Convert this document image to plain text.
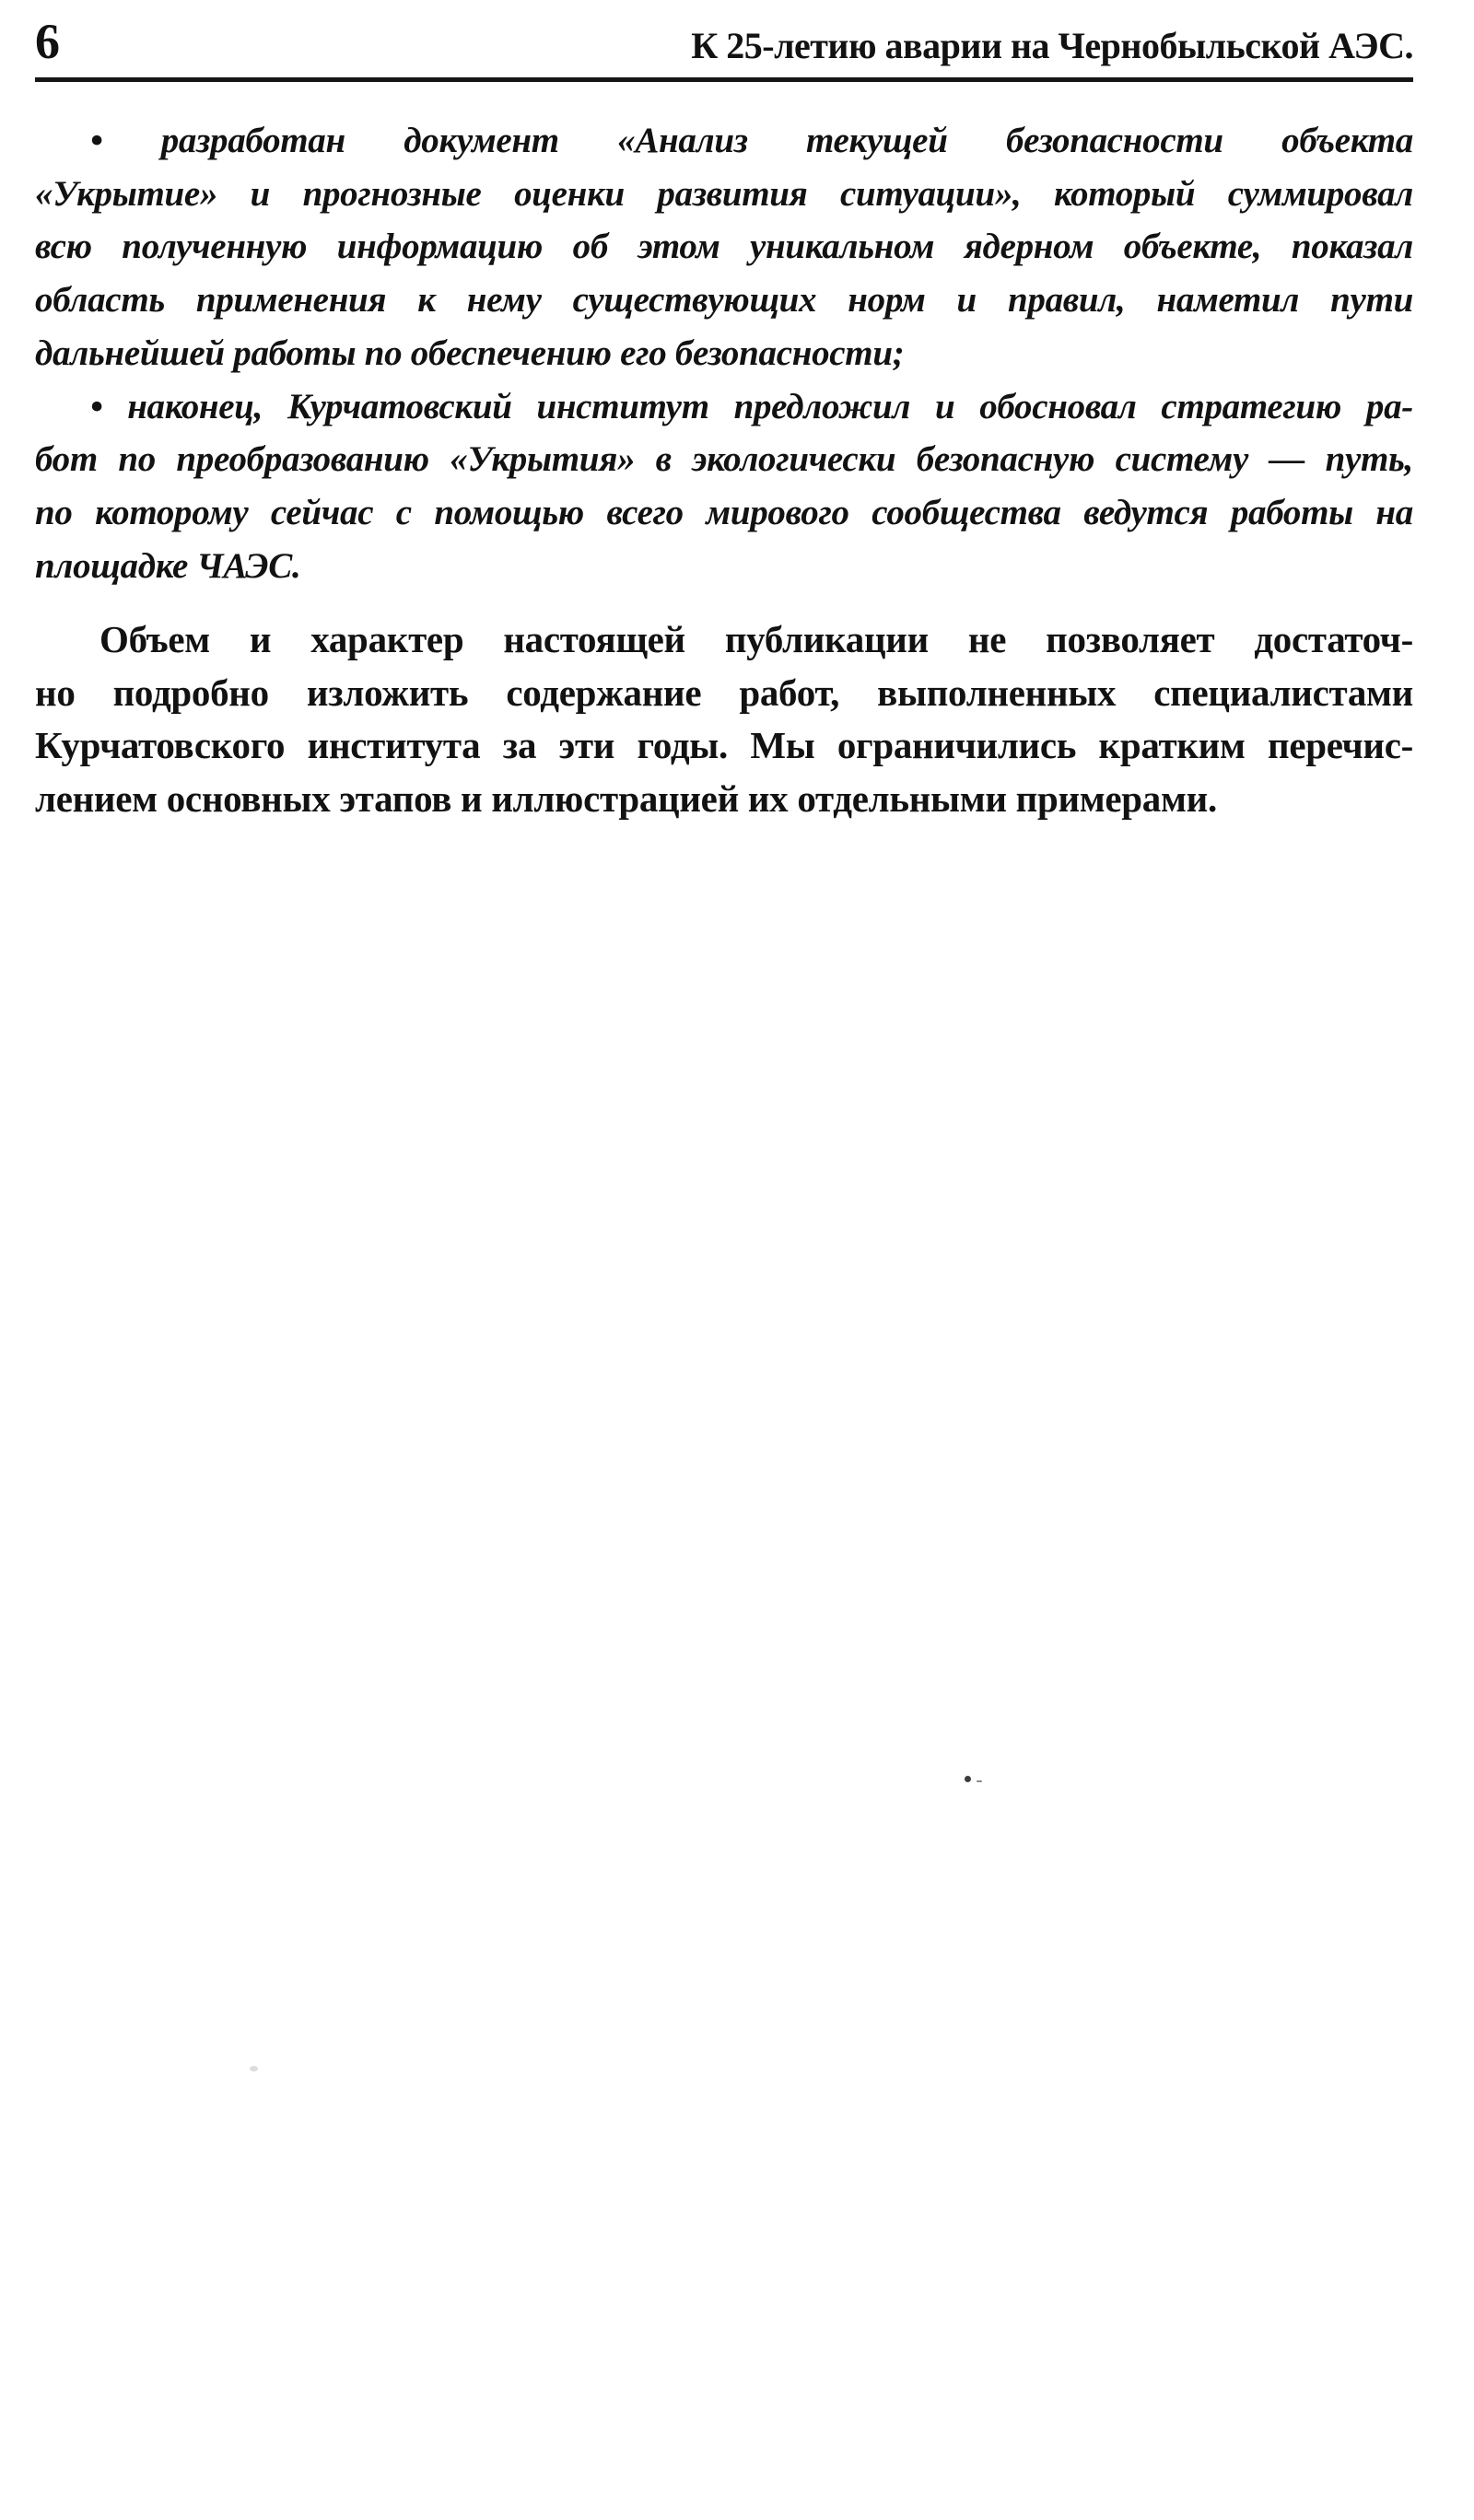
6	К 25-летию аварии на Чернобыльской АЭС.
• разработан документ «Анализ текущей безопасности объекта
«Укрытие» и прогнозные оценки развития ситуации», который суммировал
всю полученную информацию об этом уникальном ядерном объекте, показал
область применения к нему существующих норм и правил, наметил пути
дальнейшей работы по обеспечению его безопасности;
• наконец, Курчатовский институт предложил и обосновал стратегию ра-
бот по преобразованию «Укрытия» в экологически безопасную систему — путь,
по которому сейчас с помощью всего мирового сообщества ведутся работы на
площадке ЧАЭС.
Объем и характер настоящей публикации не позволяет достаточ-
но подробно изложить содержание работ, выполненных специалистами
Курчатовского института за эти годы. Мы ограничились кратким перечис-
лением основных этапов и иллюстрацией их отдельными примерами.
